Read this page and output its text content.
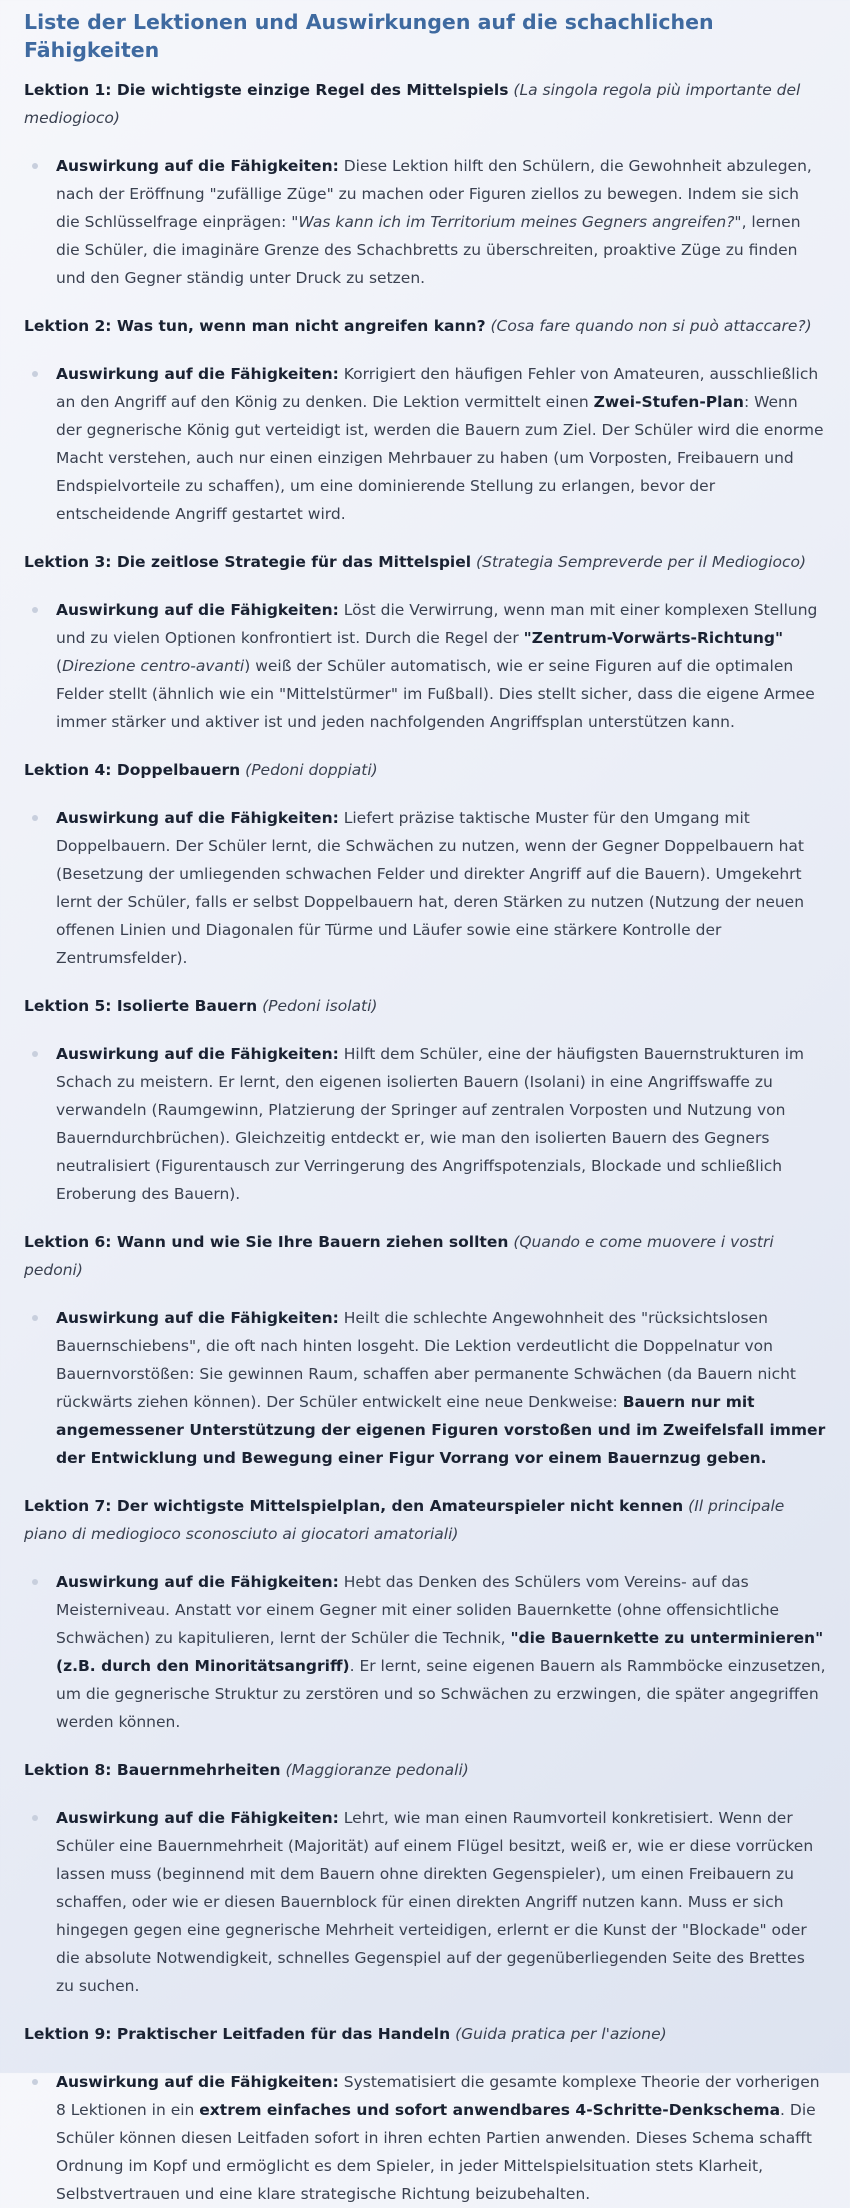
Liste der Lektionen und Auswirkungen auf die schachlichen Fähigkeiten

Lektion 1: Die wichtigste einzige Regel des Mittelspiels (La singola regola più importante del mediogioco)

Auswirkung auf die Fähigkeiten: Diese Lektion hilft den Schülern, die Gewohnheit abzulegen, nach der Eröffnung "zufällige Züge" zu machen oder Figuren ziellos zu bewegen. Indem sie sich die Schlüsselfrage einprägen: "Was kann ich im Territorium meines Gegners angreifen?", lernen die Schüler, die imaginäre Grenze des Schachbretts zu überschreiten, proaktive Züge zu finden und den Gegner ständig unter Druck zu setzen.

Lektion 2: Was tun, wenn man nicht angreifen kann? (Cosa fare quando non si può attaccare?)

Auswirkung auf die Fähigkeiten: Korrigiert den häufigen Fehler von Amateuren, ausschließlich an den Angriff auf den König zu denken. Die Lektion vermittelt einen Zwei-Stufen-Plan: Wenn der gegnerische König gut verteidigt ist, werden die Bauern zum Ziel. Der Schüler wird die enorme Macht verstehen, auch nur einen einzigen Mehrbauer zu haben (um Vorposten, Freibauern und Endspielvorteile zu schaffen), um eine dominierende Stellung zu erlangen, bevor der entscheidende Angriff gestartet wird.

Lektion 3: Die zeitlose Strategie für das Mittelspiel (Strategia Sempreverde per il Mediogioco)

Auswirkung auf die Fähigkeiten: Löst die Verwirrung, wenn man mit einer komplexen Stellung und zu vielen Optionen konfrontiert ist. Durch die Regel der "Zentrum-Vorwärts-Richtung" (Direzione centro-avanti) weiß der Schüler automatisch, wie er seine Figuren auf die optimalen Felder stellt (ähnlich wie ein "Mittelstürmer" im Fußball). Dies stellt sicher, dass die eigene Armee immer stärker und aktiver ist und jeden nachfolgenden Angriffsplan unterstützen kann.

Lektion 4: Doppelbauern (Pedoni doppiati)

Auswirkung auf die Fähigkeiten: Liefert präzise taktische Muster für den Umgang mit Doppelbauern. Der Schüler lernt, die Schwächen zu nutzen, wenn der Gegner Doppelbauern hat (Besetzung der umliegenden schwachen Felder und direkter Angriff auf die Bauern). Umgekehrt lernt der Schüler, falls er selbst Doppelbauern hat, deren Stärken zu nutzen (Nutzung der neuen offenen Linien und Diagonalen für Türme und Läufer sowie eine stärkere Kontrolle der Zentrumsfelder).

Lektion 5: Isolierte Bauern (Pedoni isolati)

Auswirkung auf die Fähigkeiten: Hilft dem Schüler, eine der häufigsten Bauernstrukturen im Schach zu meistern. Er lernt, den eigenen isolierten Bauern (Isolani) in eine Angriffswaffe zu verwandeln (Raumgewinn, Platzierung der Springer auf zentralen Vorposten und Nutzung von Bauerndurchbrüchen). Gleichzeitig entdeckt er, wie man den isolierten Bauern des Gegners neutralisiert (Figurentausch zur Verringerung des Angriffspotenzials, Blockade und schließlich Eroberung des Bauern).

Lektion 6: Wann und wie Sie Ihre Bauern ziehen sollten (Quando e come muovere i vostri pedoni)

Auswirkung auf die Fähigkeiten: Heilt die schlechte Angewohnheit des "rücksichtslosen Bauernschiebens", die oft nach hinten losgeht. Die Lektion verdeutlicht die Doppelnatur von Bauernvorstößen: Sie gewinnen Raum, schaffen aber permanente Schwächen (da Bauern nicht rückwärts ziehen können). Der Schüler entwickelt eine neue Denkweise: Bauern nur mit angemessener Unterstützung der eigenen Figuren vorstoßen und im Zweifelsfall immer der Entwicklung und Bewegung einer Figur Vorrang vor einem Bauernzug geben.

Lektion 7: Der wichtigste Mittelspielplan, den Amateurspieler nicht kennen (Il principale piano di mediogioco sconosciuto ai giocatori amatoriali)

Auswirkung auf die Fähigkeiten: Hebt das Denken des Schülers vom Vereins- auf das Meisterniveau. Anstatt vor einem Gegner mit einer soliden Bauernkette (ohne offensichtliche Schwächen) zu kapitulieren, lernt der Schüler die Technik, "die Bauernkette zu unterminieren" (z.B. durch den Minoritätsangriff). Er lernt, seine eigenen Bauern als Rammböcke einzusetzen, um die gegnerische Struktur zu zerstören und so Schwächen zu erzwingen, die später angegriffen werden können.

Lektion 8: Bauernmehrheiten (Maggioranze pedonali)

Auswirkung auf die Fähigkeiten: Lehrt, wie man einen Raumvorteil konkretisiert. Wenn der Schüler eine Bauernmehrheit (Majorität) auf einem Flügel besitzt, weiß er, wie er diese vorrücken lassen muss (beginnend mit dem Bauern ohne direkten Gegenspieler), um einen Freibauern zu schaffen, oder wie er diesen Bauernblock für einen direkten Angriff nutzen kann. Muss er sich hingegen gegen eine gegnerische Mehrheit verteidigen, erlernt er die Kunst der "Blockade" oder die absolute Notwendigkeit, schnelles Gegenspiel auf der gegenüberliegenden Seite des Brettes zu suchen.

Lektion 9: Praktischer Leitfaden für das Handeln (Guida pratica per l'azione)

Auswirkung auf die Fähigkeiten: Systematisiert die gesamte komplexe Theorie der vorherigen 8 Lektionen in ein extrem einfaches und sofort anwendbares 4-Schritte-Denkschema. Die Schüler können diesen Leitfaden sofort in ihren echten Partien anwenden. Dieses Schema schafft Ordnung im Kopf und ermöglicht es dem Spieler, in jeder Mittelspielsituation stets Klarheit, Selbstvertrauen und eine klare strategische Richtung beizubehalten.
